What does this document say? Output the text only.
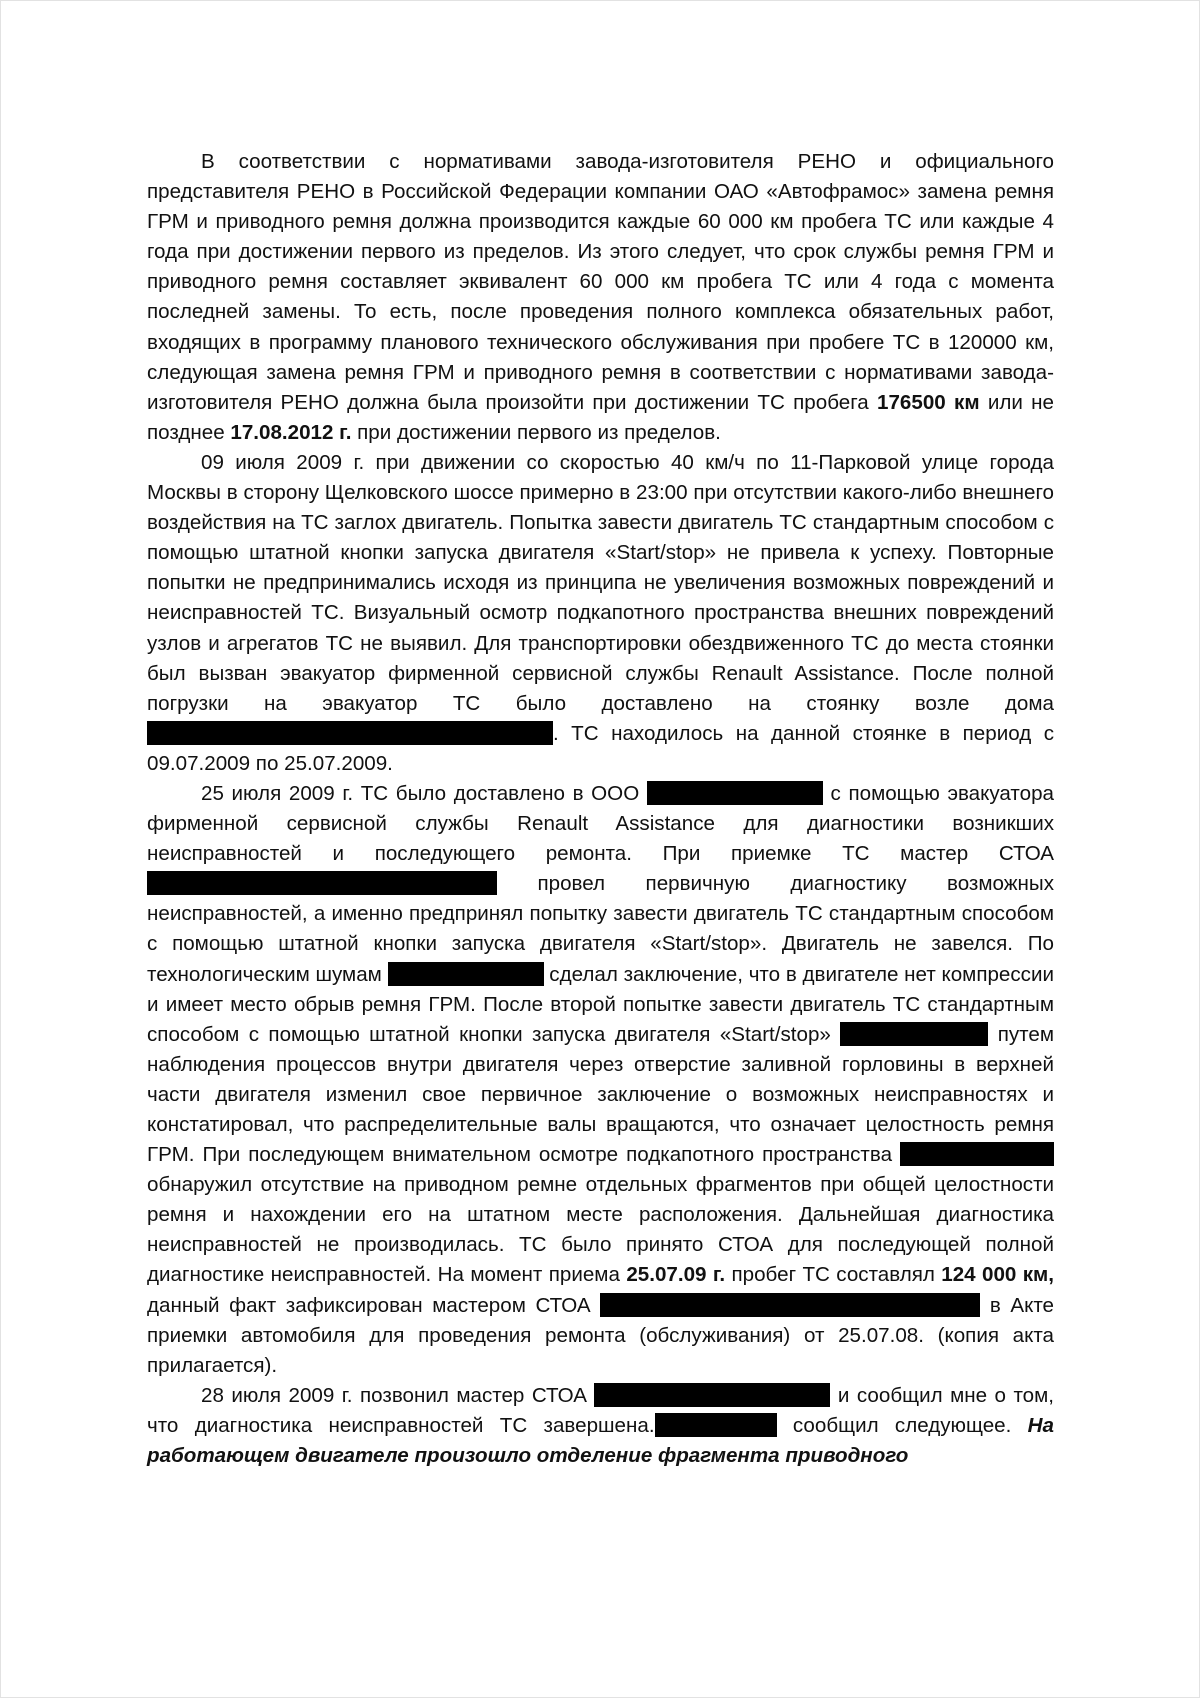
В соответствии с нормативами завода-изготовителя РЕНО и официального представителя РЕНО в Российской Федерации компании ОАО «Автофрамос» замена ремня ГРМ и приводного ремня должна производится каждые 60 000 км пробега ТС или каждые 4 года при достижении первого из пределов. Из этого следует, что срок службы ремня ГРМ и приводного ремня составляет эквивалент 60 000 км пробега ТС или 4 года с момента последней замены. То есть, после проведения полного комплекса обязательных работ, входящих в программу планового технического обслуживания при пробеге ТС в 120000 км, следующая замена ремня ГРМ и приводного ремня в соответствии с нормативами завода-изготовителя РЕНО должна была произойти при достижении ТС пробега 176500 км или не позднее 17.08.2012 г. при достижении первого из пределов.

09 июля 2009 г. при движении со скоростью 40 км/ч по 11-Парковой улице города Москвы в сторону Щелковского шоссе примерно в 23:00 при отсутствии какого-либо внешнего воздействия на ТС заглох двигатель. Попытка завести двигатель ТС стандартным способом с помощью штатной кнопки запуска двигателя «Start/stop» не привела к успеху. Повторные попытки не предпринимались исходя из принципа не увеличения возможных повреждений и неисправностей ТС. Визуальный осмотр подкапотного пространства внешних повреждений узлов и агрегатов ТС не выявил. Для транспортировки обездвиженного ТС до места стоянки был вызван эвакуатор фирменной сервисной службы Renault Assistance. После полной погрузки на эвакуатор ТС было доставлено на стоянку возле дома. ТС находилось на данной стоянке в период с 09.07.2009 по 25.07.2009.

25 июля 2009 г. ТС было доставлено в ООО	с помощью эвакуатора фирменной сервисной службы Renault Assistance для диагностики возникших неисправностей и последующего ремонта. При приемке ТС мастер СТОА  провел первичную диагностику возможных неисправностей, а именно предпринял попытку завести двигатель ТС стандартным способом с помощью штатной кнопки запуска двигателя «Start/stop». Двигатель не завелся. По технологическим шумам	сделал заключение, что в двигателе нет компрессии и имеет место обрыв ремня ГРМ. После второй попытке завести двигатель ТС стандартным способом с помощью штатной кнопки запуска двигателя «Start/stop»	путем наблюдения процессов внутри двигателя через отверстие заливной горловины в верхней части двигателя изменил свое первичное заключение о возможных неисправностях и констатировал, что распределительные валы вращаются, что означает целостность ремня ГРМ. При последующем внимательном осмотре подкапотного пространства  обнаружил отсутствие на приводном ремне отдельных фрагментов при общей целостности ремня и нахождении его на штатном месте расположения. Дальнейшая диагностика неисправностей не производилась. ТС было принято СТОА для последующей полной диагностике неисправностей. На момент приема 25.07.09 г. пробег ТС составлял 124 000 км, данный факт зафиксирован мастером СТОА	в Акте приемки автомобиля для проведения ремонта (обслуживания) от 25.07.08. (копия акта прилагается).

28 июля 2009 г. позвонил мастер СТОА	и сообщил мне о том, что диагностика неисправностей ТС завершена.	сообщил следующее. На работающем двигателе произошло отделение фрагмента приводного
